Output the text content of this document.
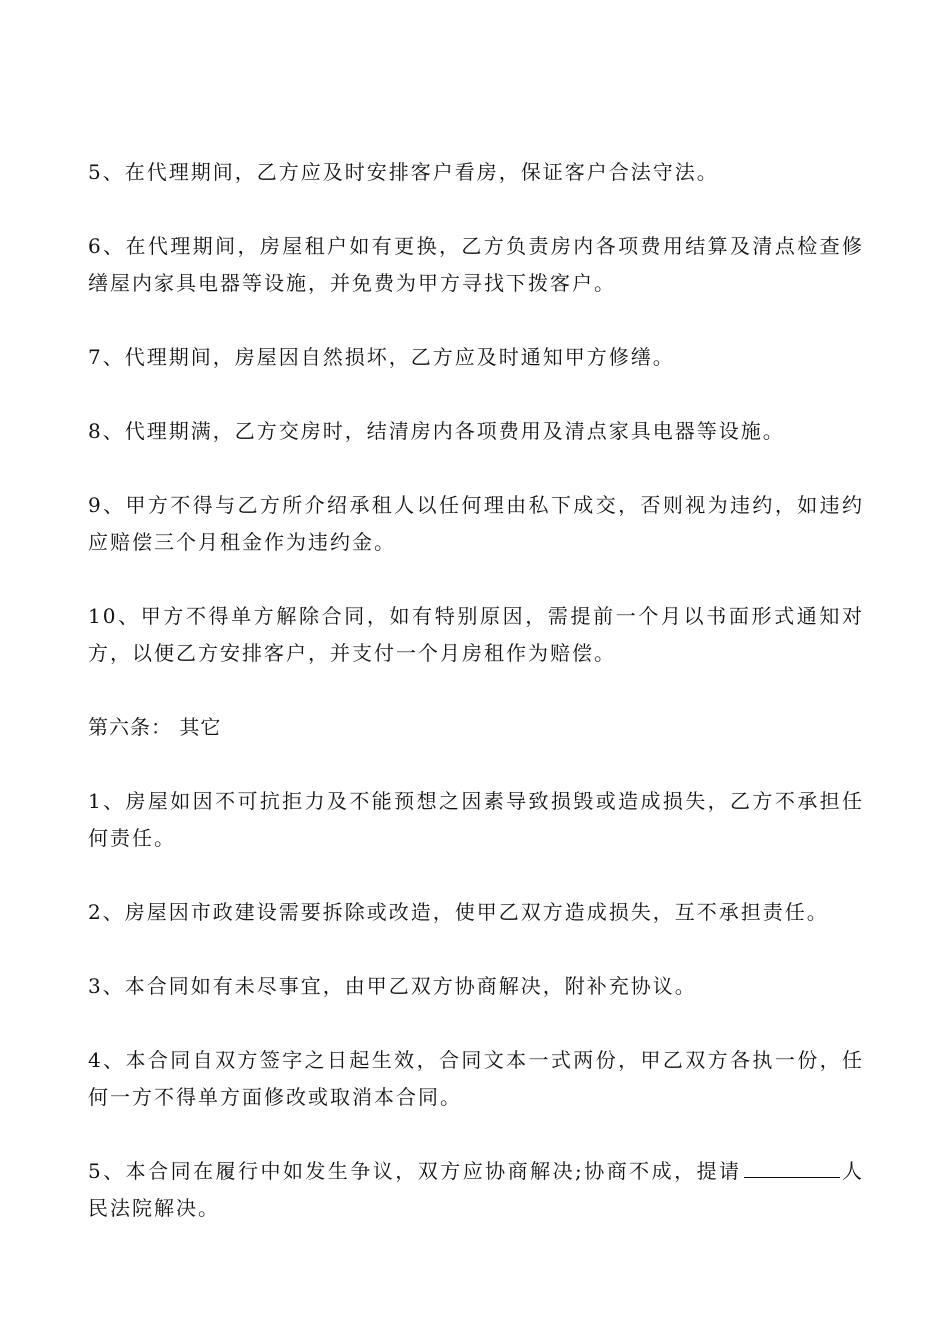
5、在代理期间，乙方应及时安排客户看房，保证客户合法守法。

6、在代理期间，房屋租户如有更换，乙方负责房内各项费用结算及清点检查修缮屋内家具电器等设施，并免费为甲方寻找下拨客户。

7、代理期间，房屋因自然损坏，乙方应及时通知甲方修缮。

8、代理期满，乙方交房时，结清房内各项费用及清点家具电器等设施。

9、甲方不得与乙方所介绍承租人以任何理由私下成交，否则视为违约，如违约应赔偿三个月租金作为违约金。

10、甲方不得单方解除合同，如有特别原因，需提前一个月以书面形式通知对方，以便乙方安排客户，并支付一个月房租作为赔偿。

第六条： 其它

1、房屋如因不可抗拒力及不能预想之因素导致损毁或造成损失，乙方不承担任何责任。

2、房屋因市政建设需要拆除或改造，使甲乙双方造成损失，互不承担责任。

3、本合同如有未尽事宜，由甲乙双方协商解决，附补充协议。

4、本合同自双方签字之日起生效，合同文本一式两份，甲乙双方各执一份，任何一方不得单方面修改或取消本合同。

5、本合同在履行中如发生争议，双方应协商解决;协商不成，提请	人民法院解决。
